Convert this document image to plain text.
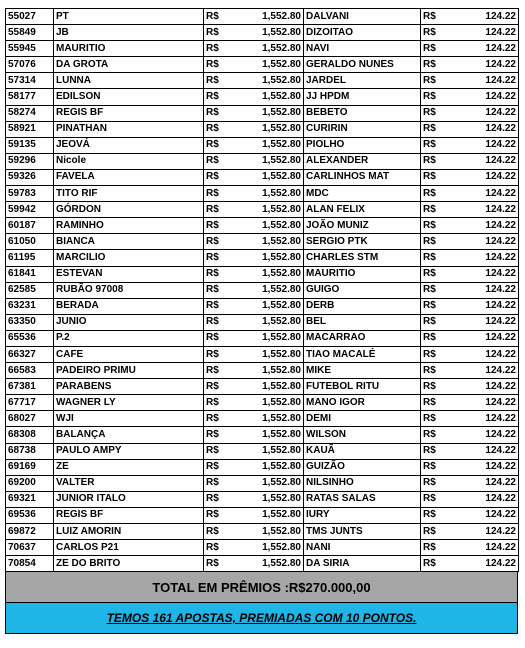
55027	PT	R$	1,552.80	DALVANI	R$	124.22
55849	JB	R$	1,552.80	DIZOITAO	R$	124.22
55945	MAURITIO	R$	1,552.80	NAVI	R$	124.22
57076	DA GROTA	R$	1,552.80	GERALDO NUNES	R$	124.22
57314	LUNNA	R$	1,552.80	JARDEL	R$	124.22
58177	EDILSON	R$	1,552.80	JJ HPDM	R$	124.22
58274	REGIS BF	R$	1,552.80	BEBETO	R$	124.22
58921	PINATHAN	R$	1,552.80	CURIRIN	R$	124.22
59135	JEOVÁ	R$	1,552.80	PIOLHO	R$	124.22
59296	Nicole	R$	1,552.80	ALEXANDER	R$	124.22
59326	FAVELA	R$	1,552.80	CARLINHOS MAT	R$	124.22
59783	TITO RIF	R$	1,552.80	MDC	R$	124.22
59942	GÓRDON	R$	1,552.80	ALAN FELIX	R$	124.22
60187	RAMINHO	R$	1,552.80	JOÃO MUNIZ	R$	124.22
61050	BIANCA	R$	1,552.80	SERGIO PTK	R$	124.22
61195	MARCILIO	R$	1,552.80	CHARLES STM	R$	124.22
61841	ESTEVAN	R$	1,552.80	MAURITIO	R$	124.22
62585	RUBÃO 97008	R$	1,552.80	GUIGO	R$	124.22
63231	BERADA	R$	1,552.80	DERB	R$	124.22
63350	JUNIO	R$	1,552.80	BEL	R$	124.22
65536	P.2	R$	1,552.80	MACARRAO	R$	124.22
66327	CAFE	R$	1,552.80	TIAO MACALÉ	R$	124.22
66583	PADEIRO PRIMU	R$	1,552.80	MIKE	R$	124.22
67381	PARABENS	R$	1,552.80	FUTEBOL RITU	R$	124.22
67717	WAGNER LY	R$	1,552.80	MANO IGOR	R$	124.22
68027	WJI	R$	1,552.80	DEMI	R$	124.22
68308	BALANÇA	R$	1,552.80	WILSON	R$	124.22
68738	PAULO AMPY	R$	1,552.80	KAUÃ	R$	124.22
69169	ZE	R$	1,552.80	GUIZÃO	R$	124.22
69200	VALTER	R$	1,552.80	NILSINHO	R$	124.22
69321	JUNIOR ITALO	R$	1,552.80	RATAS SALAS	R$	124.22
69536	REGIS BF	R$	1,552.80	IURY	R$	124.22
69872	LUIZ AMORIN	R$	1,552.80	TMS JUNTS	R$	124.22
70637	CARLOS P21	R$	1,552.80	NANI	R$	124.22
70854	ZE DO BRITO	R$	1,552.80	DA SIRIA	R$	124.22
TOTAL EM PRÊMIOS :R$270.000,00
TEMOS 161 APOSTAS, PREMIADAS COM 10 PONTOS.
